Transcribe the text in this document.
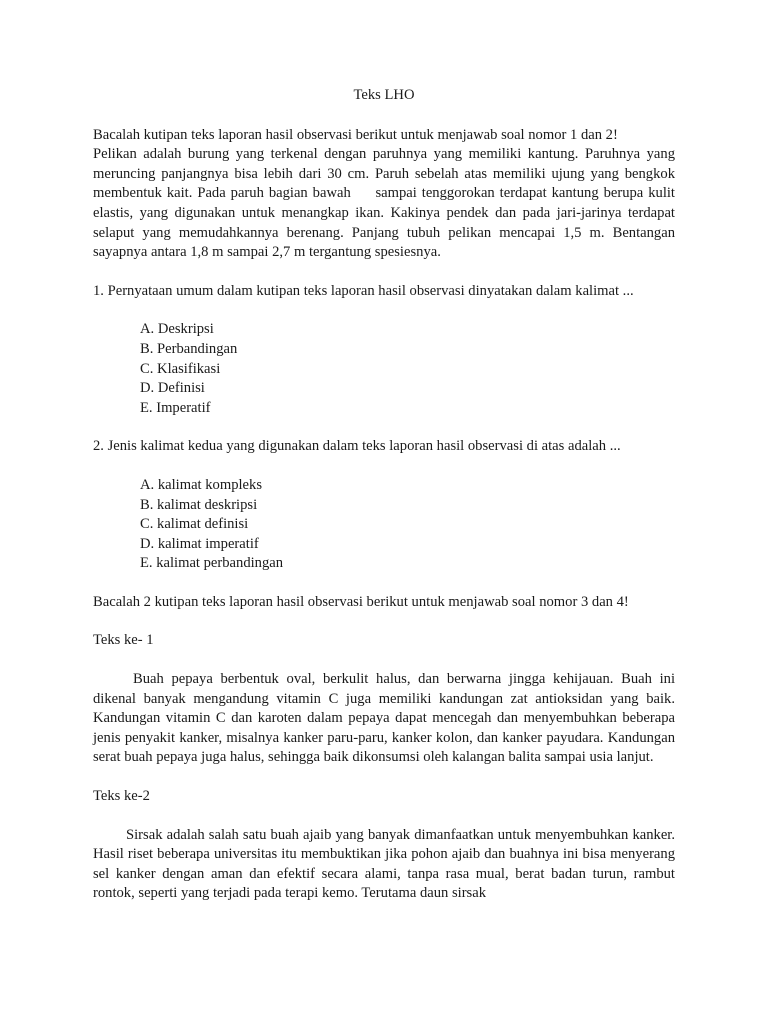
Teks LHO

Bacalah kutipan teks laporan hasil observasi berikut untuk menjawab soal nomor 1 dan 2!

Pelikan adalah burung yang terkenal dengan paruhnya yang memiliki kantung. Paruhnya yang meruncing panjangnya bisa lebih dari 30 cm. Paruh sebelah atas memiliki ujung yang bengkok membentuk kait. Pada paruh bagian bawah     sampai tenggorokan terdapat kantung berupa kulit elastis, yang digunakan untuk menangkap ikan. Kakinya pendek dan pada jari-jarinya terdapat selaput yang memudahkannya berenang. Panjang tubuh pelikan mencapai 1,5 m. Bentangan sayapnya antara 1,8 m sampai 2,7 m tergantung spesiesnya.

1. Pernyataan umum dalam kutipan teks laporan hasil observasi dinyatakan dalam kalimat ...

A. Deskripsi
B. Perbandingan
C. Klasifikasi
D. Definisi
E. Imperatif

2. Jenis kalimat kedua yang digunakan dalam teks laporan hasil observasi di atas adalah ...

A. kalimat kompleks
B. kalimat deskripsi
C. kalimat definisi
D. kalimat imperatif
E. kalimat perbandingan

Bacalah 2 kutipan teks laporan hasil observasi berikut untuk menjawab soal nomor 3 dan 4!

Teks ke- 1

Buah pepaya berbentuk oval, berkulit halus, dan berwarna jingga kehijauan. Buah ini dikenal banyak mengandung vitamin C juga memiliki kandungan zat antioksidan yang baik. Kandungan vitamin C dan karoten dalam pepaya dapat mencegah dan menyembuhkan beberapa jenis penyakit kanker, misalnya kanker paru-paru, kanker kolon, dan kanker payudara. Kandungan serat buah pepaya juga halus, sehingga baik dikonsumsi oleh kalangan balita sampai usia lanjut.

Teks ke-2

Sirsak adalah salah satu buah ajaib yang banyak dimanfaatkan untuk menyembuhkan kanker. Hasil riset beberapa universitas itu membuktikan jika pohon ajaib dan buahnya ini bisa menyerang sel kanker dengan aman dan efektif secara alami, tanpa rasa mual, berat badan turun, rambut rontok, seperti yang terjadi pada terapi kemo. Terutama daun sirsak
